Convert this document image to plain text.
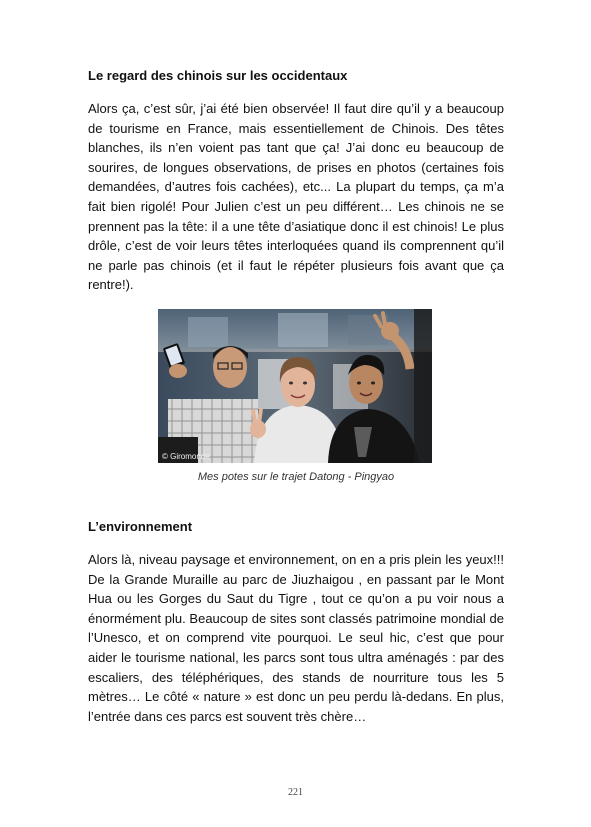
Le regard des chinois sur les occidentaux

Alors ça, c’est sûr, j’ai été bien observée! Il faut dire qu’il y a beaucoup de tourisme en France, mais essentiellement de Chinois. Des têtes blanches, ils n’en voient pas tant que ça! J’ai donc eu beaucoup de sourires, de longues observations, de prises en photos (certaines fois demandées, d’autres fois cachées), etc... La plupart du temps, ça m’a fait bien rigolé! Pour Julien c’est un peu différent… Les chinois ne se prennent pas la tête: il a une tête d’asiatique donc il est chinois! Le plus drôle, c’est de voir leurs têtes interloquées quand ils comprennent qu’il ne parle pas chinois (et il faut le répéter plusieurs fois avant que ça rentre!).

© Giromonde

Mes potes sur le trajet Datong - Pingyao

L’environnement

Alors là, niveau paysage et environnement, on en a pris plein les yeux!!! De la Grande Muraille au parc de Jiuzhaigou , en passant par le Mont Hua ou les Gorges du Saut du Tigre , tout ce qu’on a pu voir nous a énormément plu. Beaucoup de sites sont classés patrimoine mondial de l’Unesco, et on comprend vite pourquoi. Le seul hic, c’est que pour aider le tourisme national, les parcs sont tous ultra aménagés : par des escaliers, des téléphériques, des stands de nourriture tous les 5 mètres… Le côté « nature » est donc un peu perdu là-dedans. En plus, l’entrée dans ces parcs est souvent très chère…

221
